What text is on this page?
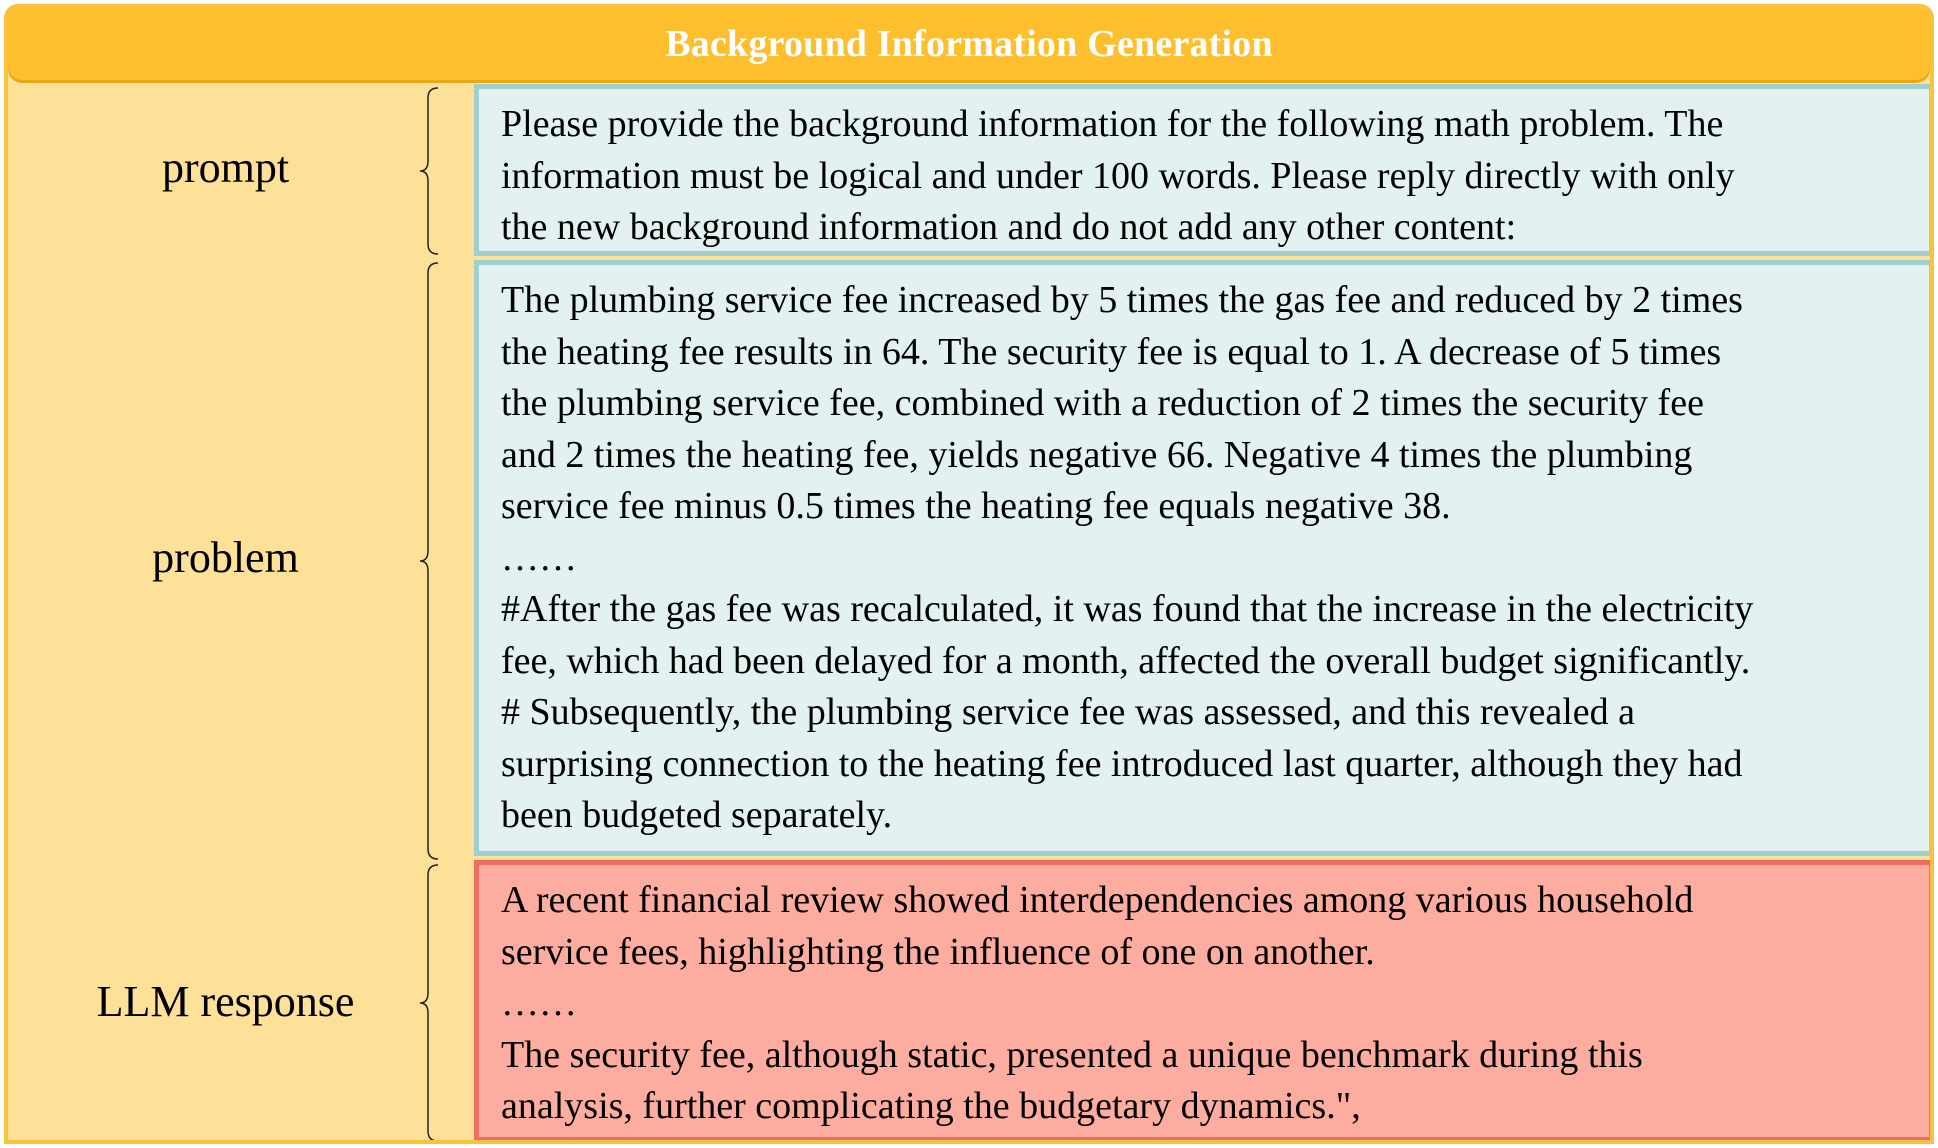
Background Information Generation
prompt

Please provide the background information for the following math problem. The

information must be logical and under 100 words. Please reply directly with only

the new background information and do not add any other content:

problem

The plumbing service fee increased by 5 times the gas fee and reduced by 2 times

the heating fee results in 64. The security fee is equal to 1. A decrease of 5 times

the plumbing service fee, combined with a reduction of 2 times the security fee

and 2 times the heating fee, yields negative 66. Negative 4 times the plumbing

service fee minus 0.5 times the heating fee equals negative 38.

……

#After the gas fee was recalculated, it was found that the increase in the electricity

fee, which had been delayed for a month, affected the overall budget significantly.

# Subsequently, the plumbing service fee was assessed, and this revealed a

surprising connection to the heating fee introduced last quarter, although they had

been budgeted separately.

LLM response

A recent financial review showed interdependencies among various household

service fees, highlighting the influence of one on another.

……

The security fee, although static, presented a unique benchmark during this

analysis, further complicating the budgetary dynamics.",
